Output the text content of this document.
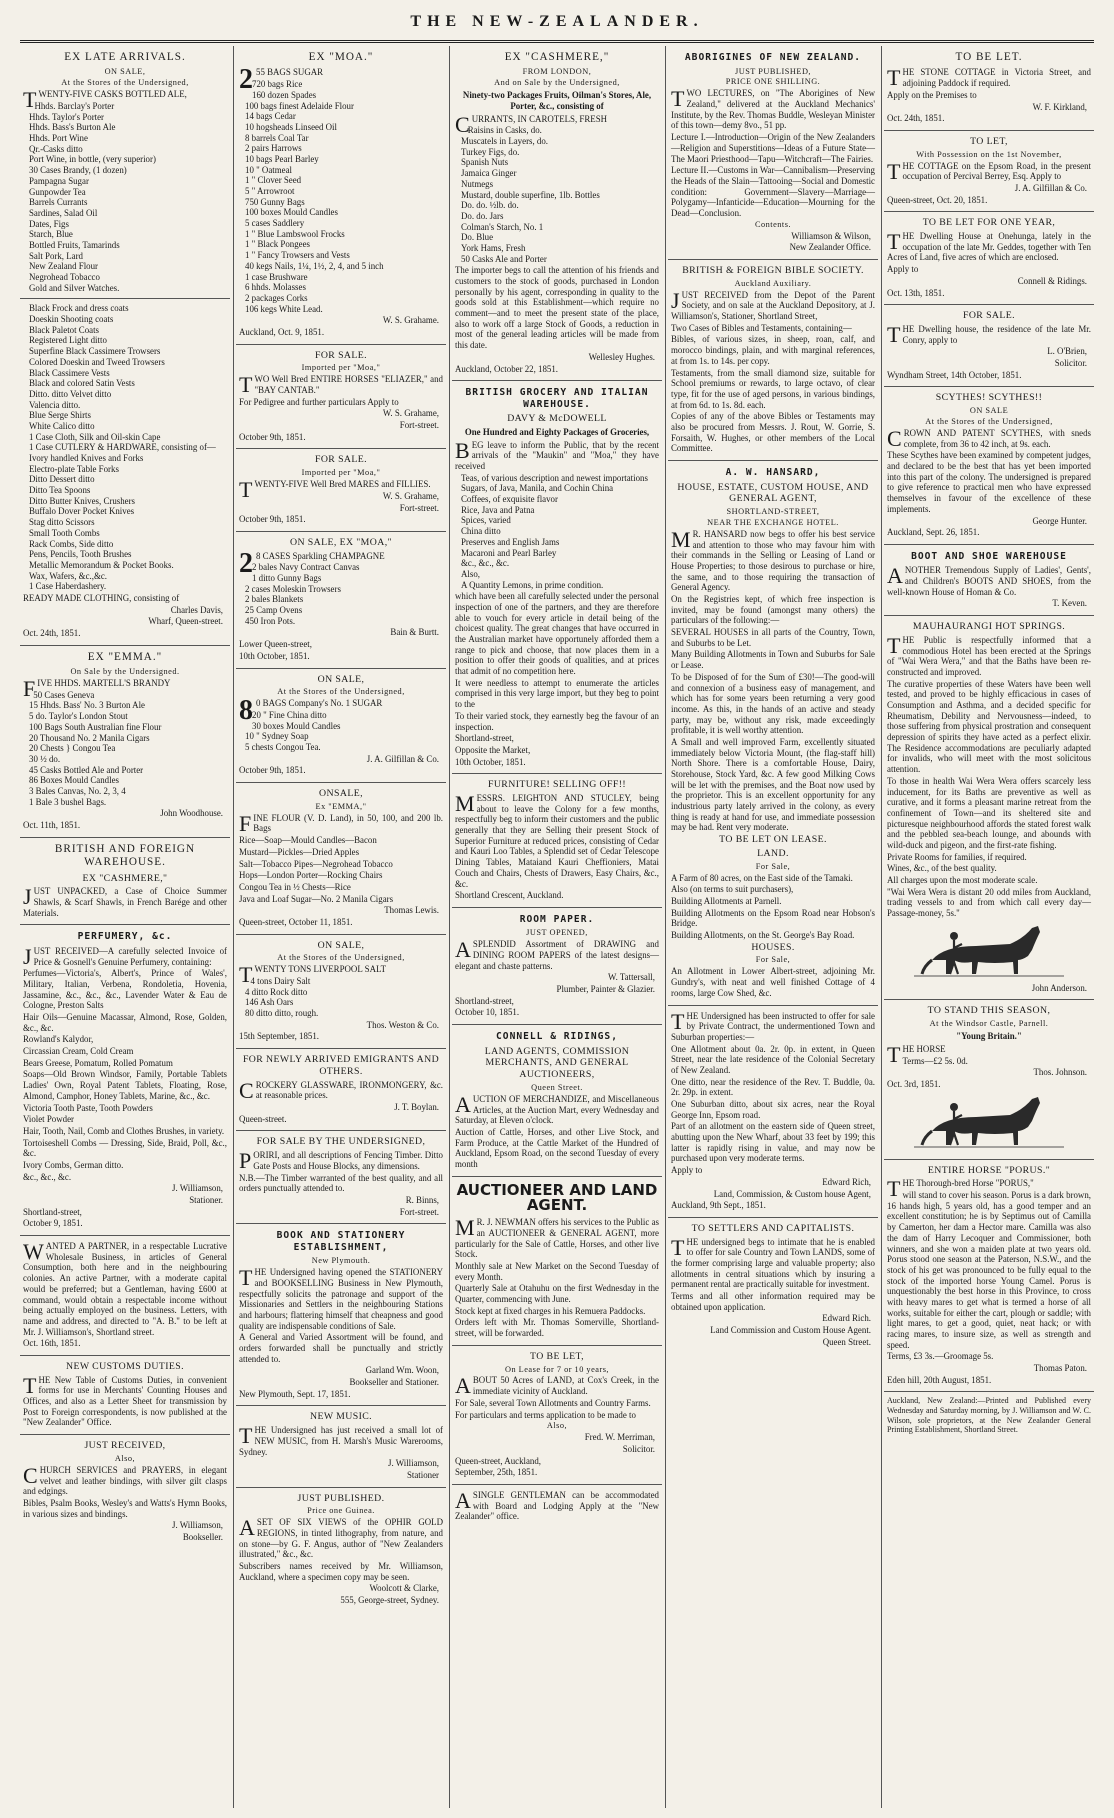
THE NEW-ZEALANDER.
EX LATE ARRIVALS.
ON SALE,
At the Stores of the Undersigned,
TWENTY-FIVE CASKS BOTTLED ALE,
Hhds. Barclay's Porter
Hhds. Taylor's Porter
Hhds. Bass's Burton Ale
Hhds. Port Wine
Qr.-Casks ditto
Port Wine, in bottle, (very superior)
30 Cases Brandy, (1 dozen)
Pampagna Sugar
Gunpowder Tea
Barrels Currants
Sardines, Salad Oil
Dates, Figs
Starch, Blue
Bottled Fruits, Tamarinds
Salt Pork, Lard
New Zealand Flour
Negrohead Tobacco
Gold and Silver Watches.
Black Frock and dress coats
Doeskin Shooting coats
Black Paletot Coats
Registered Light ditto
Superfine Black Cassimere Trowsers
Colored Doeskin and Tweed Trowsers
Black Cassimere Vests
Black and colored Satin Vests
Ditto. ditto Velvet ditto
Valencia ditto.
Blue Serge Shirts
White Calico ditto
1 Case Cloth, Silk and Oil-skin Cape
1 Case CUTLERY & HARDWARE, consisting of—
Ivory handled Knives and Forks
Electro-plate Table Forks
Ditto Dessert ditto
Ditto Tea Spoons
Ditto Butter Knives, Crushers
Buffalo Dover Pocket Knives
Stag ditto Scissors
Small Tooth Combs
Rack Combs, Side ditto
Pens, Pencils, Tooth Brushes
Metallic Memorandum & Pocket Books.
Wax, Wafers, &c.,&c.
1 Case Haberdashery.
READY MADE CLOTHING, consisting of
Charles Davis,
Wharf, Queen-street.
Oct. 24th, 1851.
EX "EMMA."
On Sale by the Undersigned.
FIVE HHDS. MARTELL'S BRANDY
50 Cases Geneva
15 Hhds. Bass' No. 3 Burton Ale
5 do. Taylor's London Stout
100 Bags South Australian fine Flour
20 Thousand No. 2 Manila Cigars
20 Chests } Congou Tea
30 ½ do.
45 Casks Bottled Ale and Porter
86 Boxes Mould Candles
3 Bales Canvas, No. 2, 3, 4
1 Bale 3 bushel Bags.
John Woodhouse.
Oct. 11th, 1851.
BRITISH AND FOREIGN WAREHOUSE.
EX "CASHMERE,"
JUST UNPACKED, a Case of Choice Summer Shawls, & Scarf Shawls, in French Barége and other Materials.
PERFUMERY, &c.
JUST RECEIVED—A carefully selected Invoice of Price & Gosnell's Genuine Perfumery, containing:
Perfumes—Victoria's, Albert's, Prince of Wales', Military, Italian, Verbena, Rondoletia, Hovenia, Jassamine, &c., &c., &c., Lavender Water & Eau de Cologne, Preston Salts
Hair Oils—Genuine Macassar, Almond, Rose, Golden, &c., &c.
Rowland's Kalydor,
Circassian Cream, Cold Cream
Bears Greese, Pomatum, Rolled Pomatum
Soaps—Old Brown Windsor, Family, Portable Tablets Ladies' Own, Royal Patent Tablets, Floating, Rose, Almond, Camphor, Honey Tablets, Marine, &c., &c.
Victoria Tooth Paste, Tooth Powders
Violet Powder
Hair, Tooth, Nail, Comb and Clothes Brushes, in variety.
Tortoiseshell Combs — Dressing, Side, Braid, Poll, &c., &c.
Ivory Combs, German ditto.
&c., &c., &c.
J. Williamson,
Stationer.
Shortland-street,
October 9, 1851.
WANTED A PARTNER, in a respectable Lucrative Wholesale Business, in articles of General Consumption, both here and in the neighbouring colonies. An active Partner, with a moderate capital would be preferred; but a Gentleman, having £600 at command, would obtain a respectable income without being actually employed on the business. Letters, with name and address, and directed to "A. B." to be left at Mr. J. Williamson's, Shortland street.
Oct. 16th, 1851.
NEW CUSTOMS DUTIES.
THE New Table of Customs Duties, in convenient forms for use in Merchants' Counting Houses and Offices, and also as a Letter Sheet for transmission by Post to Foreign correspondents, is now published at the "New Zealander" Office.
JUST RECEIVED,
Also,
CHURCH SERVICES and PRAYERS, in elegant velvet and leather bindings, with silver gilt clasps and edgings.
Bibles, Psalm Books, Wesley's and Watts's Hymn Books, in various sizes and bindings.
J. Williamson,
Bookseller.
EX "MOA."
255 BAGS SUGAR
720 bags Rice
160 dozen Spades
100 bags finest Adelaide Flour
14 bags Cedar
10 hogsheads Linseed Oil
8 barrels Coal Tar
2 pairs Harrows
10 bags Pearl Barley
10 " Oatmeal
1 " Clover Seed
5 " Arrowroot
750 Gunny Bags
100 boxes Mould Candles
5 cases Saddlery
1 " Blue Lambswool Frocks
1 " Black Pongees
1 " Fancy Trowsers and Vests
40 kegs Nails, 1¼, 1½, 2, 4, and 5 inch
1 case Brushware
6 hhds. Molasses
2 packages Corks
106 kegs White Lead.
W. S. Grahame.
Auckland, Oct. 9, 1851.
FOR SALE.
Imported per "Moa,"
TWO Well Bred ENTIRE HORSES "ELIAZER," and "BAY CANTAB."
For Pedigree and further particulars Apply to
W. S. Grahame,
Fort-street.
October 9th, 1851.
FOR SALE.
Imported per "Moa,"
TWENTY-FIVE Well Bred MARES and FILLIES.
W. S. Grahame,
Fort-street.
October 9th, 1851.
ON SALE, EX "MOA,"
28 CASES Sparkling CHAMPAGNE
2 bales Navy Contract Canvas
1 ditto Gunny Bags
2 cases Moleskin Trowsers
2 bales Blankets
25 Camp Ovens
450 Iron Pots.
Bain & Burtt.
Lower Queen-street,
10th October, 1851.
ON SALE,
At the Stores of the Undersigned,
80 BAGS Company's No. 1 SUGAR
20 " Fine China ditto
30 boxes Mould Candles
10 " Sydney Soap
5 chests Congou Tea.
J. A. Gilfillan & Co.
October 9th, 1851.
ONSALE,
Ex "EMMA,"
FINE FLOUR (V. D. Land), in 50, 100, and 200 lb. Bags
Rice—Soap—Mould Candles—Bacon
Mustard—Pickles—Dried Apples
Salt—Tobacco Pipes—Negrohead Tobacco
Hops—London Porter—Rocking Chairs
Congou Tea in ½ Chests—Rice
Java and Loaf Sugar—No. 2 Manila Cigars
Thomas Lewis.
Queen-street, October 11, 1851.
ON SALE,
At the Stores of the Undersigned,
TWENTY TONS LIVERPOOL SALT
4 tons Dairy Salt
4 ditto Rock ditto
146 Ash Oars
80 ditto ditto, rough.
Thos. Weston & Co.
15th September, 1851.
FOR NEWLY ARRIVED EMIGRANTS AND OTHERS.
CROCKERY GLASSWARE, IRONMONGERY, &c. at reasonable prices.
J. T. Boylan.
Queen-street.
FOR SALE BY THE UNDERSIGNED,
PORIRI, and all descriptions of Fencing Timber. Ditto Gate Posts and House Blocks, any dimensions.
N.B.—The Timber warranted of the best quality, and all orders punctually attended to.
R. Binns,
Fort-street.
BOOK AND STATIONERY ESTABLISHMENT,
New Plymouth.
THE Undersigned having opened the STATIONERY and BOOKSELLING Business in New Plymouth, respectfully solicits the patronage and support of the Missionaries and Settlers in the neighbouring Stations and harbours; flattering himself that cheapness and good quality are indispensable conditions of Sale.
A General and Varied Assortment will be found, and orders forwarded shall be punctually and strictly attended to.
Garland Wm. Woon,
Bookseller and Stationer.
New Plymouth, Sept. 17, 1851.
NEW MUSIC.
THE Undersigned has just received a small lot of NEW MUSIC, from H. Marsh's Music Warerooms, Sydney.
J. Williamson,
Stationer
JUST PUBLISHED.
Price one Guinea.
ASET OF SIX VIEWS of the OPHIR GOLD REGIONS, in tinted lithography, from nature, and on stone—by G. F. Angus, author of "New Zealanders illustrated," &c., &c.
Subscribers names received by Mr. Williamson, Auckland, where a specimen copy may be seen.
Woolcott & Clarke,
555, George-street, Sydney.
EX "CASHMERE,"
FROM LONDON,
And on Sale by the Undersigned,
Ninety-two Packages Fruits, Oilman's Stores, Ale, Porter, &c., consisting of
CURRANTS, IN CAROTELS, FRESH
Raisins in Casks, do.
Muscatels in Layers, do.
Turkey Figs, do.
Spanish Nuts
Jamaica Ginger
Nutmegs
Mustard, double superfine, 1lb. Bottles
Do. do. ½lb. do.
Do. do. Jars
Colman's Starch, No. 1
Do. Blue
York Hams, Fresh
50 Casks Ale and Porter
The importer begs to call the attention of his friends and customers to the stock of goods, purchased in London personally by his agent, corresponding in quality to the goods sold at this Establishment—which require no comment—and to meet the present state of the place, also to work off a large Stock of Goods, a reduction in most of the general leading articles will be made from this date.
Wellesley Hughes.
Auckland, October 22, 1851.
BRITISH GROCERY AND ITALIAN WAREHOUSE.
DAVY & McDOWELL
One Hundred and Eighty Packages of Groceries,
BEG leave to inform the Public, that by the recent arrivals of the "Maukin" and "Moa," they have received
Teas, of various description and newest importations
Sugars, of Java, Manila, and Cochin China
Coffees, of exquisite flavor
Rice, Java and Patna
Spices, varied
China ditto
Preserves and English Jams
Macaroni and Pearl Barley
&c., &c., &c.
Also,
A Quantity Lemons, in prime condition.
which have been all carefully selected under the personal inspection of one of the partners, and they are therefore able to vouch for every article in detail being of the choicest quality. The great changes that have occurred in the Australian market have opportunely afforded them a range to pick and choose, that now places them in a position to offer their goods of qualities, and at prices that admit of no competition here.
It were needless to attempt to enumerate the articles comprised in this very large import, but they beg to point to the
To their varied stock, they earnestly beg the favour of an inspection.
Shortland-street,
Opposite the Market,
10th October, 1851.
FURNITURE! SELLING OFF!!
MESSRS. LEIGHTON AND STUCLEY, being about to leave the Colony for a few months, respectfully beg to inform their customers and the public generally that they are Selling their present Stock of Superior Furniture at reduced prices, consisting of Cedar and Kauri Loo Tables, a Splendid set of Cedar Telescope Dining Tables, Mataiand Kauri Cheffioniers, Matai Couch and Chairs, Chests of Drawers, Easy Chairs, &c., &c.
Shortland Crescent, Auckland.
ROOM PAPER.
JUST OPENED,
ASPLENDID Assortment of DRAWING and DINING ROOM PAPERS of the latest designs—elegant and chaste patterns.
W. Tattersall,
Plumber, Painter & Glazier.
Shortland-street,
October 10, 1851.
CONNELL & RIDINGS,
LAND AGENTS, COMMISSION MERCHANTS, AND GENERAL AUCTIONEERS,
Queen Street.
AUCTION OF MERCHANDIZE, and Miscellaneous Articles, at the Auction Mart, every Wednesday and Saturday, at Eleven o'clock.
Auction of Cattle, Horses, and other Live Stock, and Farm Produce, at the Cattle Market of the Hundred of Auckland, Epsom Road, on the second Tuesday of every month
AUCTIONEER AND LAND AGENT.
MR. J. NEWMAN offers his services to the Public as an AUCTIONEER & GENERAL AGENT, more particularly for the Sale of Cattle, Horses, and other live Stock.
Monthly sale at New Market on the Second Tuesday of every Month.
Quarterly Sale at Otahuhu on the first Wednesday in the Quarter, commencing with June.
Stock kept at fixed charges in his Remuera Paddocks.
Orders left with Mr. Thomas Somerville, Shortland-street, will be forwarded.
TO BE LET,
On Lease for 7 or 10 years,
ABOUT 50 Acres of LAND, at Cox's Creek, in the immediate vicinity of Auckland.
For Sale, several Town Allotments and Country Farms.
For particulars and terms application to be made to
Also,
Fred. W. Merriman,
Solicitor.
Queen-street, Auckland,
September, 25th, 1851.
ASINGLE GENTLEMAN can be accommodated with Board and Lodging Apply at the "New Zealander" office.
ABORIGINES OF NEW ZEALAND.
JUST PUBLISHED,
PRICE ONE SHILLING.
TWO LECTURES, on "The Aborigines of New Zealand," delivered at the Auckland Mechanics' Institute, by the Rev. Thomas Buddle, Wesleyan Minister of this town—demy 8vo., 51 pp.
Lecture I.—Introduction—Origin of the New Zealanders—Religion and Superstitions—Ideas of a Future State—The Maori Priesthood—Tapu—Witchcraft—The Fairies.
Lecture II.—Customs in War—Cannibalism—Preserving the Heads of the Slain—Tattooing—Social and Domestic condition: Government—Slavery—Marriage—Polygamy—Infanticide—Education—Mourning for the Dead—Conclusion.
Contents.
Williamson & Wilson,
New Zealander Office.
BRITISH & FOREIGN BIBLE SOCIETY.
Auckland Auxiliary.
JUST RECEIVED from the Depot of the Parent Society, and on sale at the Auckland Depository, at J. Williamson's, Stationer, Shortland Street,
Two Cases of Bibles and Testaments, containing—
Bibles, of various sizes, in sheep, roan, calf, and morocco bindings, plain, and with marginal references, at from 1s. to 14s. per copy.
Testaments, from the small diamond size, suitable for School premiums or rewards, to large octavo, of clear type, fit for the use of aged persons, in various bindings, at from 6d. to 1s. 8d. each.
Copies of any of the above Bibles or Testaments may also be procured from Messrs. J. Rout, W. Gorrie, S. Forsaith, W. Hughes, or other members of the Local Committee.
A. W. HANSARD,
HOUSE, ESTATE, CUSTOM HOUSE, AND GENERAL AGENT,
SHORTLAND-STREET,
NEAR THE EXCHANGE HOTEL.
MR. HANSARD now begs to offer his best service and attention to those who may favour him with their commands in the Selling or Leasing of Land or House Properties; to those desirous to purchase or hire, the same, and to those requiring the transaction of General Agency.
On the Registries kept, of which free inspection is invited, may be found (amongst many others) the particulars of the following:—
SEVERAL HOUSES in all parts of the Country, Town, and Suburbs to be Let.
Many Building Allotments in Town and Suburbs for Sale or Lease.
To be Disposed of for the Sum of £30!—The good-will and connexion of a business easy of management, and which has for some years been returning a very good income. As this, in the hands of an active and steady party, may be, without any risk, made exceedingly profitable, it is well worthy attention.
A Small and well improved Farm, excellently situated immediately below Victoria Mount, (the flag-staff hill) North Shore. There is a comfortable House, Dairy, Storehouse, Stock Yard, &c. A few good Milking Cows will be let with the premises, and the Boat now used by the proprietor. This is an excellent opportunity for any industrious party lately arrived in the colony, as every thing is ready at hand for use, and immediate possession may be had. Rent very moderate.
TO BE LET ON LEASE.
LAND.
For Sale,
A Farm of 80 acres, on the East side of the Tamaki.
Also (on terms to suit purchasers),
Building Allotments at Parnell.
Building Allotments on the Epsom Road near Hobson's Bridge.
Building Allotments, on the St. George's Bay Road.
HOUSES.
For Sale,
An Allotment in Lower Albert-street, adjoining Mr. Gundry's, with neat and well finished Cottage of 4 rooms, large Cow Shed, &c.
THE Undersigned has been instructed to offer for sale by Private Contract, the undermentioned Town and Suburban properties:—
One Allotment about 0a. 2r. 0p. in extent, in Queen Street, near the late residence of the Colonial Secretary of New Zealand.
One ditto, near the residence of the Rev. T. Buddle, 0a. 2r. 29p. in extent.
One Suburban ditto, about six acres, near the Royal George Inn, Epsom road.
Part of an allotment on the eastern side of Queen street, abutting upon the New Wharf, about 33 feet by 199; this latter is rapidly rising in value, and may now be purchased upon very moderate terms.
Apply to
Edward Rich,
Land, Commission, & Custom house Agent,
Auckland, 9th Sept., 1851.
TO SETTLERS AND CAPITALISTS.
THE undersigned begs to intimate that he is enabled to offer for sale Country and Town LANDS, some of the former comprising large and valuable property; also allotments in central situations which by insuring a permanent rental are practically suitable for investment.
Terms and all other information required may be obtained upon application.
Edward Rich.
Land Commission and Custom House Agent.
Queen Street.
TO BE LET.
THE STONE COTTAGE in Victoria Street, and adjoining Paddock if required.
Apply on the Premises to
W. F. Kirkland,
Oct. 24th, 1851.
TO LET,
With Possession on the 1st November,
THE COTTAGE on the Epsom Road, in the present occupation of Percival Berrey, Esq. Apply to
J. A. Gilfillan & Co.
Queen-street, Oct. 20, 1851.
TO BE LET FOR ONE YEAR,
THE Dwelling House at Onehunga, lately in the occupation of the late Mr. Geddes, together with Ten Acres of Land, five acres of which are enclosed.
Apply to
Connell & Ridings.
Oct. 13th, 1851.
FOR SALE.
THE Dwelling house, the residence of the late Mr. Conry, apply to
L. O'Brien,
Solicitor.
Wyndham Street, 14th October, 1851.
SCYTHES! SCYTHES!!
ON SALE
At the Stores of the Undersigned,
CROWN AND PATENT SCYTHES, with sneds complete, from 36 to 42 inch, at 9s. each.
These Scythes have been examined by competent judges, and declared to be the best that has yet been imported into this part of the colony. The undersigned is prepared to give reference to practical men who have expressed themselves in favour of the excellence of these implements.
George Hunter.
Auckland, Sept. 26, 1851.
BOOT AND SHOE WAREHOUSE
ANOTHER Tremendous Supply of Ladies', Gents', and Children's BOOTS AND SHOES, from the well-known House of Homan & Co.
T. Keven.
MAUHAURANGI HOT SPRINGS.
THE Public is respectfully informed that a commodious Hotel has been erected at the Springs of "Wai Wera Wera," and that the Baths have been re-constructed and improved.
The curative properties of these Waters have been well tested, and proved to be highly efficacious in cases of Consumption and Asthma, and a decided specific for Rheumatism, Debility and Nervousness—indeed, to those suffering from physical prostration and consequent depression of spirits they have acted as a perfect elixir. The Residence accommodations are peculiarly adapted for invalids, who will meet with the most solicitous attention.
To those in health Wai Wera Wera offers scarcely less inducement, for its Baths are preventive as well as curative, and it forms a pleasant marine retreat from the confinement of Town—and its sheltered site and picturesque neighbourhood affords the stated forest walk and the pebbled sea-beach lounge, and abounds with wild-duck and pigeon, and the first-rate fishing.
Private Rooms for families, if required.
Wines, &c., of the best quality.
All charges upon the most moderate scale.
"Wai Wera Wera is distant 20 odd miles from Auckland, trading vessels to and from which call every day—Passage-money, 5s."
John Anderson.
TO STAND THIS SEASON,
At the Windsor Castle, Parnell.
"Young Britain."
THE HORSE
Terms—£2 5s. 0d.
Thos. Johnson.
Oct. 3rd, 1851.
ENTIRE HORSE "PORUS."
THE Thorough-bred Horse "PORUS,"
will stand to cover his season. Porus is a dark brown, 16 hands high, 5 years old, has a good temper and an excellent constitution; he is by Septimus out of Camilla by Camerton, her dam a Hector mare. Camilla was also the dam of Harry Lecoquer and Commissioner, both winners, and she won a maiden plate at two years old. Porus stood one season at the Paterson, N.S.W., and the stock of his get was pronounced to be fully equal to the stock of the imported horse Young Camel. Porus is unquestionably the best horse in this Province, to cross with heavy mares to get what is termed a horse of all works, suitable for either the cart, plough or saddle; with light mares, to get a good, quiet, neat hack; or with racing mares, to insure size, as well as strength and speed.
Terms, £3 3s.—Groomage 5s.
Thomas Paton.
Eden hill, 20th August, 1851.
Auckland, New Zealand:—Printed and Published every Wednesday and Saturday morning, by J. Williamson and W. C. Wilson, sole proprietors, at the New Zealander General Printing Establishment, Shortland Street.
